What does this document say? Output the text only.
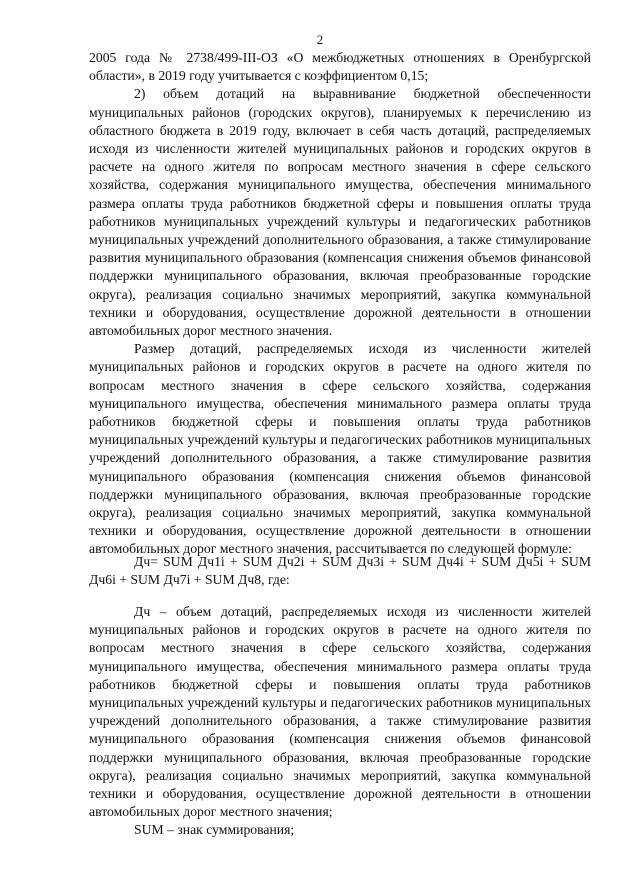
2

2005 года № 2738/499-III-ОЗ «О межбюджетных отношениях в Оренбургской области», в 2019 году учитывается с коэффициентом 0,15;

2) объем дотаций на выравнивание бюджетной обеспеченности муниципальных районов (городских округов), планируемых к перечислению из областного бюджета в 2019 году, включает в себя часть дотаций, распределяемых исходя из численности жителей муниципальных районов и городских округов в расчете на одного жителя по вопросам местного значения в сфере сельского хозяйства, содержания муниципального имущества, обеспечения минимального размера оплаты труда работников бюджетной сферы и повышения оплаты труда работников муниципальных учреждений культуры и педагогических работников муниципальных учреждений дополнительного образования, а также стимулирование развития муниципального образования (компенсация снижения объемов финансовой поддержки муниципального образования, включая преобразованные городские округа), реализация социально значимых мероприятий, закупка коммунальной техники и оборудования, осуществление дорожной деятельности в отношении автомобильных дорог местного значения.

Размер дотаций, распределяемых исходя из численности жителей муниципальных районов и городских округов в расчете на одного жителя по вопросам местного значения в сфере сельского хозяйства, содержания муниципального имущества, обеспечения минимального размера оплаты труда работников бюджетной сферы и повышения оплаты труда работников муниципальных учреждений культуры и педагогических работников муниципальных учреждений дополнительного образования, а также стимулирование развития муниципального образования (компенсация снижения объемов финансовой поддержки муниципального образования, включая преобразованные городские округа), реализация социально значимых мероприятий, закупка коммунальной техники и оборудования, осуществление дорожной деятельности в отношении автомобильных дорог местного значения, рассчитывается по следующей формуле:

Дч= SUM Дч1i + SUM Дч2i + SUM Дч3i + SUM Дч4i + SUM Дч5i + SUM Дч6i + SUM Дч7i + SUM Дч8, где:

Дч – объем дотаций, распределяемых исходя из численности жителей муниципальных районов и городских округов в расчете на одного жителя по вопросам местного значения в сфере сельского хозяйства, содержания муниципального имущества, обеспечения минимального размера оплаты труда работников бюджетной сферы и повышения оплаты труда работников муниципальных учреждений культуры и педагогических работников муниципальных учреждений дополнительного образования, а также стимулирование развития муниципального образования (компенсация снижения объемов финансовой поддержки муниципального образования, включая преобразованные городские округа), реализация социально значимых мероприятий, закупка коммунальной техники и оборудования, осуществление дорожной деятельности в отношении автомобильных дорог местного значения;

SUM – знак суммирования;
